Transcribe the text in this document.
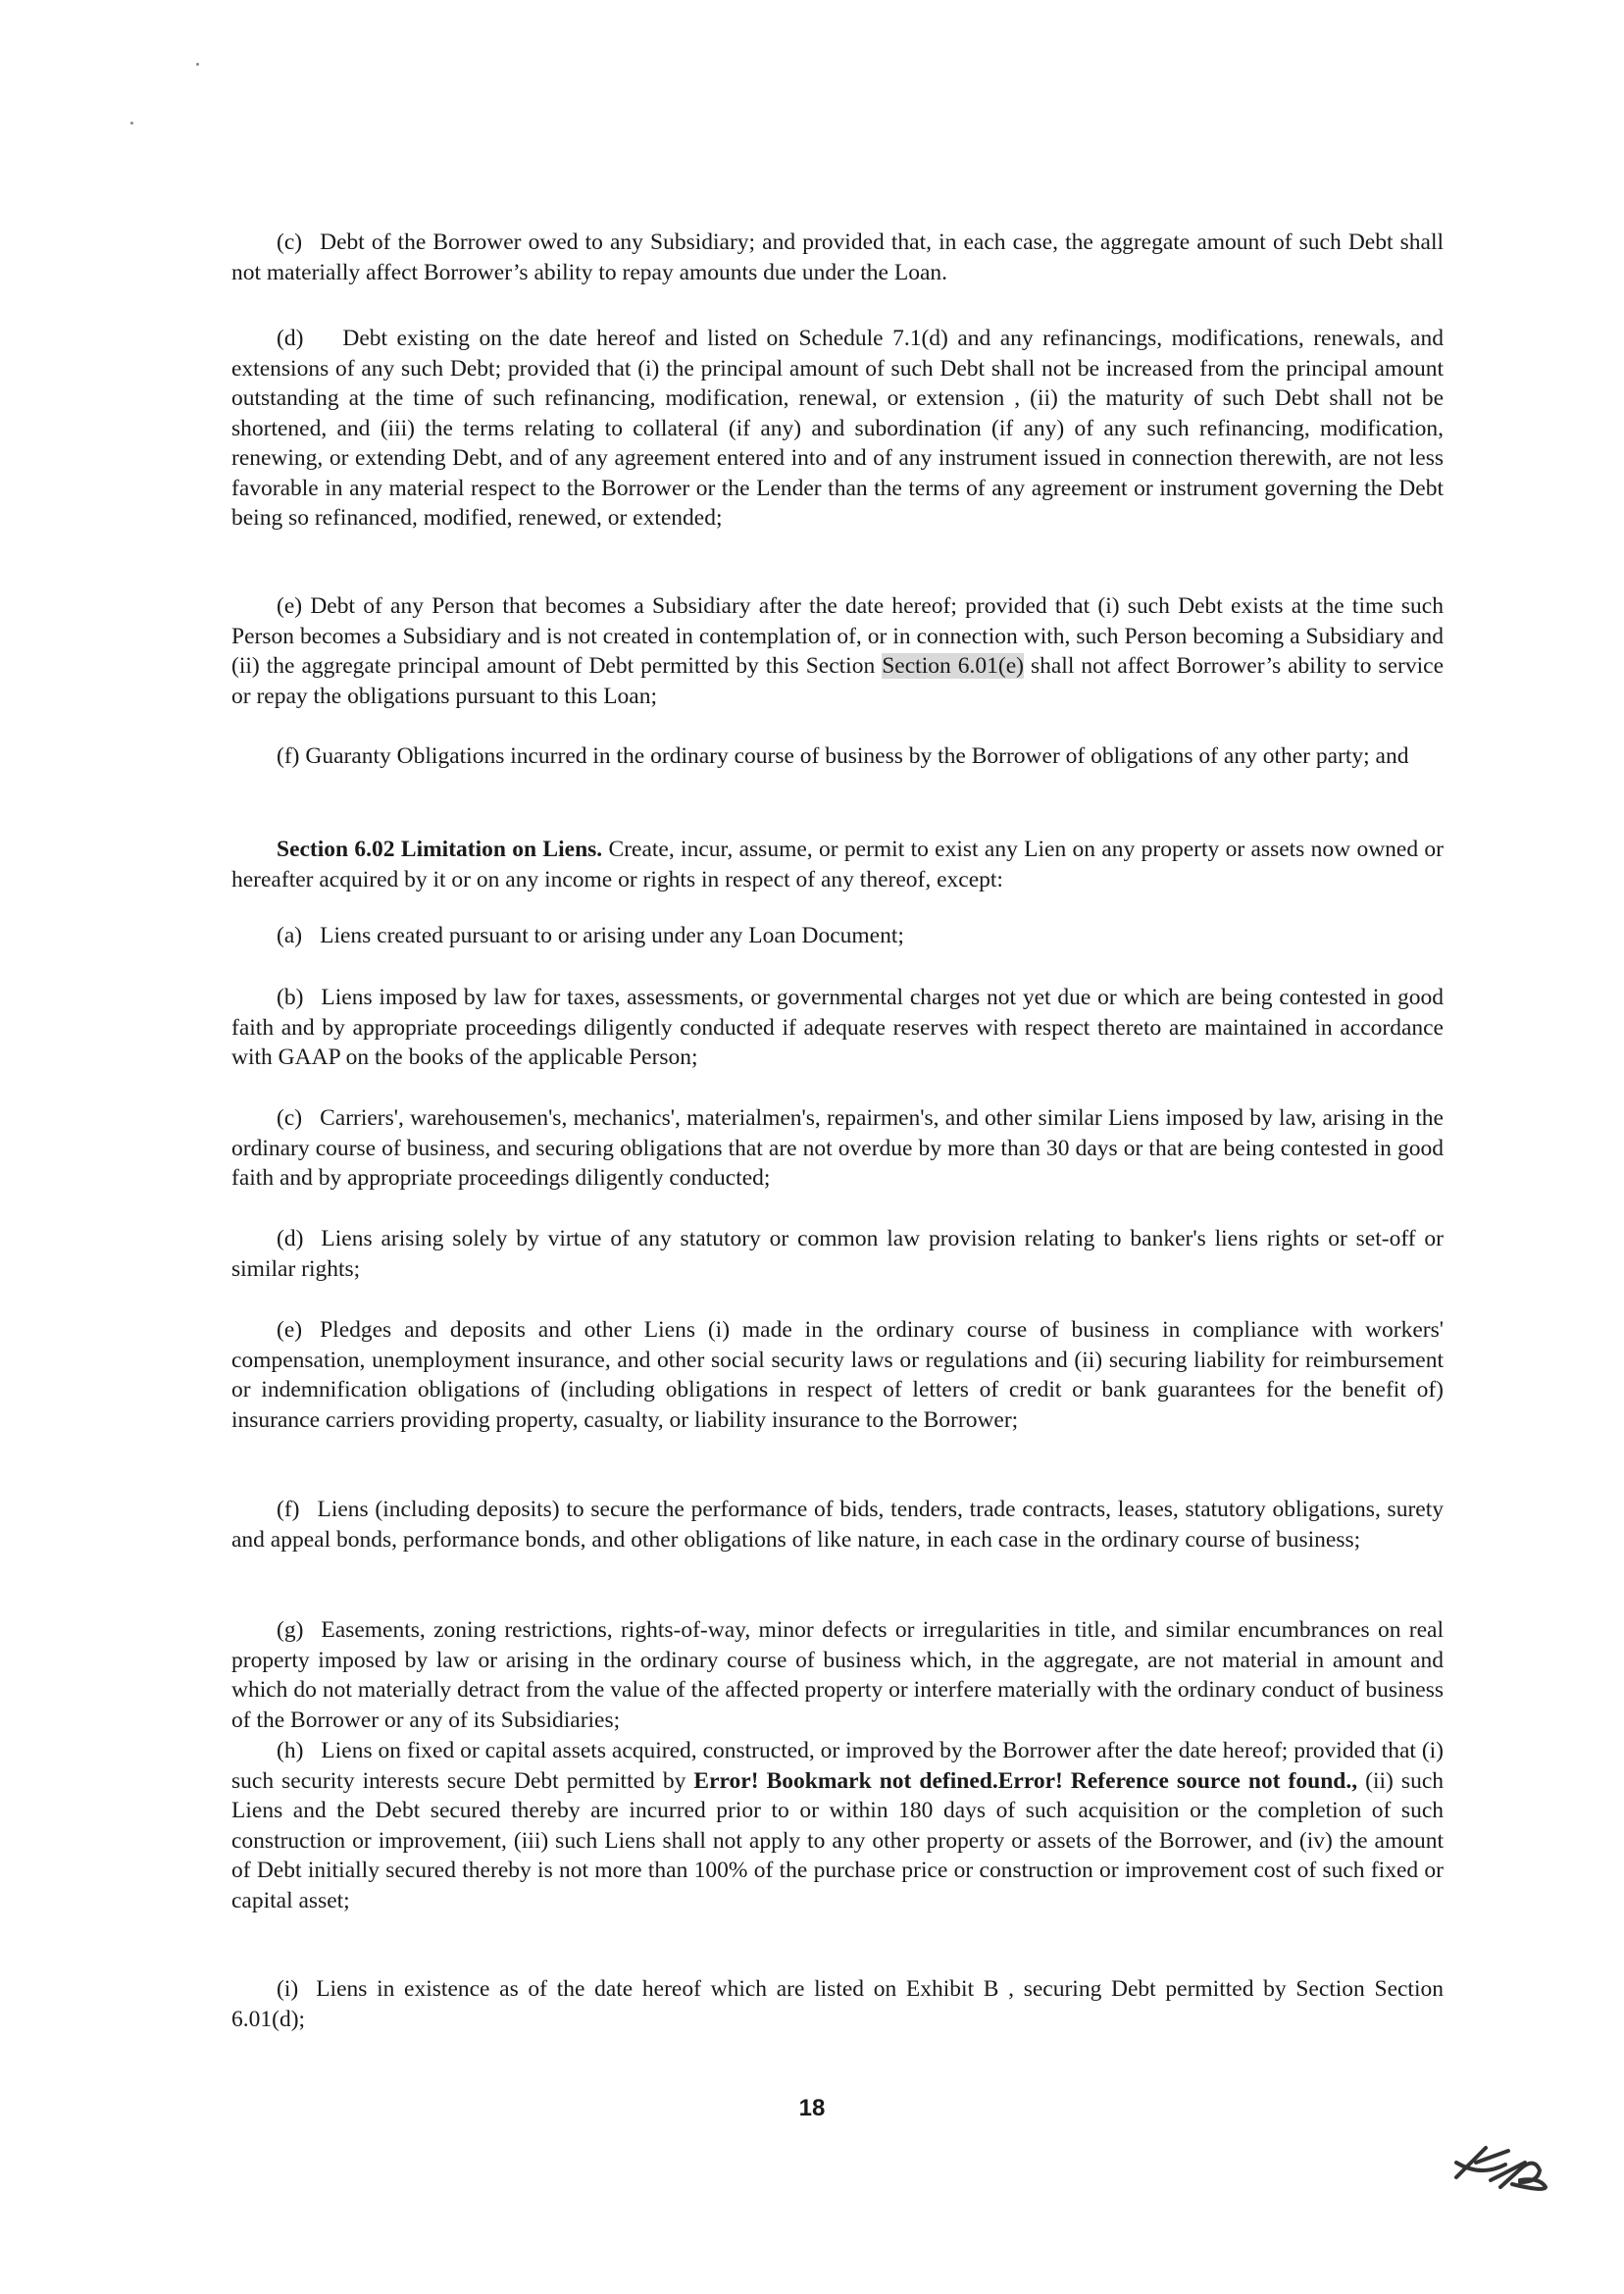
(c) Debt of the Borrower owed to any Subsidiary; and provided that, in each case, the aggregate amount of such Debt shall not materially affect Borrower’s ability to repay amounts due under the Loan.
(d) Debt existing on the date hereof and listed on Schedule 7.1(d) and any refinancings, modifications, renewals, and extensions of any such Debt; provided that (i) the principal amount of such Debt shall not be increased from the principal amount outstanding at the time of such refinancing, modification, renewal, or extension , (ii) the maturity of such Debt shall not be shortened, and (iii) the terms relating to collateral (if any) and subordination (if any) of any such refinancing, modification, renewing, or extending Debt, and of any agreement entered into and of any instrument issued in connection therewith, are not less favorable in any material respect to the Borrower or the Lender than the terms of any agreement or instrument governing the Debt being so refinanced, modified, renewed, or extended;
(e) Debt of any Person that becomes a Subsidiary after the date hereof; provided that (i) such Debt exists at the time such Person becomes a Subsidiary and is not created in contemplation of, or in connection with, such Person becoming a Subsidiary and (ii) the aggregate principal amount of Debt permitted by this Section Section 6.01(e) shall not affect Borrower’s ability to service or repay the obligations pursuant to this Loan;
(f) Guaranty Obligations incurred in the ordinary course of business by the Borrower of obligations of any other party; and
Section 6.02 Limitation on Liens. Create, incur, assume, or permit to exist any Lien on any property or assets now owned or hereafter acquired by it or on any income or rights in respect of any thereof, except:
(a) Liens created pursuant to or arising under any Loan Document;
(b) Liens imposed by law for taxes, assessments, or governmental charges not yet due or which are being contested in good faith and by appropriate proceedings diligently conducted if adequate reserves with respect thereto are maintained in accordance with GAAP on the books of the applicable Person;
(c) Carriers', warehousemen's, mechanics', materialmen's, repairmen's, and other similar Liens imposed by law, arising in the ordinary course of business, and securing obligations that are not overdue by more than 30 days or that are being contested in good faith and by appropriate proceedings diligently conducted;
(d) Liens arising solely by virtue of any statutory or common law provision relating to banker's liens rights or set-off or similar rights;
(e) Pledges and deposits and other Liens (i) made in the ordinary course of business in compliance with workers' compensation, unemployment insurance, and other social security laws or regulations and (ii) securing liability for reimbursement or indemnification obligations of (including obligations in respect of letters of credit or bank guarantees for the benefit of) insurance carriers providing property, casualty, or liability insurance to the Borrower;
(f) Liens (including deposits) to secure the performance of bids, tenders, trade contracts, leases, statutory obligations, surety and appeal bonds, performance bonds, and other obligations of like nature, in each case in the ordinary course of business;
(g) Easements, zoning restrictions, rights-of-way, minor defects or irregularities in title, and similar encumbrances on real property imposed by law or arising in the ordinary course of business which, in the aggregate, are not material in amount and which do not materially detract from the value of the affected property or interfere materially with the ordinary conduct of business of the Borrower or any of its Subsidiaries;
(h) Liens on fixed or capital assets acquired, constructed, or improved by the Borrower after the date hereof; provided that (i) such security interests secure Debt permitted by Error! Bookmark not defined.Error! Reference source not found., (ii) such Liens and the Debt secured thereby are incurred prior to or within 180 days of such acquisition or the completion of such construction or improvement, (iii) such Liens shall not apply to any other property or assets of the Borrower, and (iv) the amount of Debt initially secured thereby is not more than 100% of the purchase price or construction or improvement cost of such fixed or capital asset;
(i) Liens in existence as of the date hereof which are listed on Exhibit B , securing Debt permitted by Section Section 6.01(d);
18
